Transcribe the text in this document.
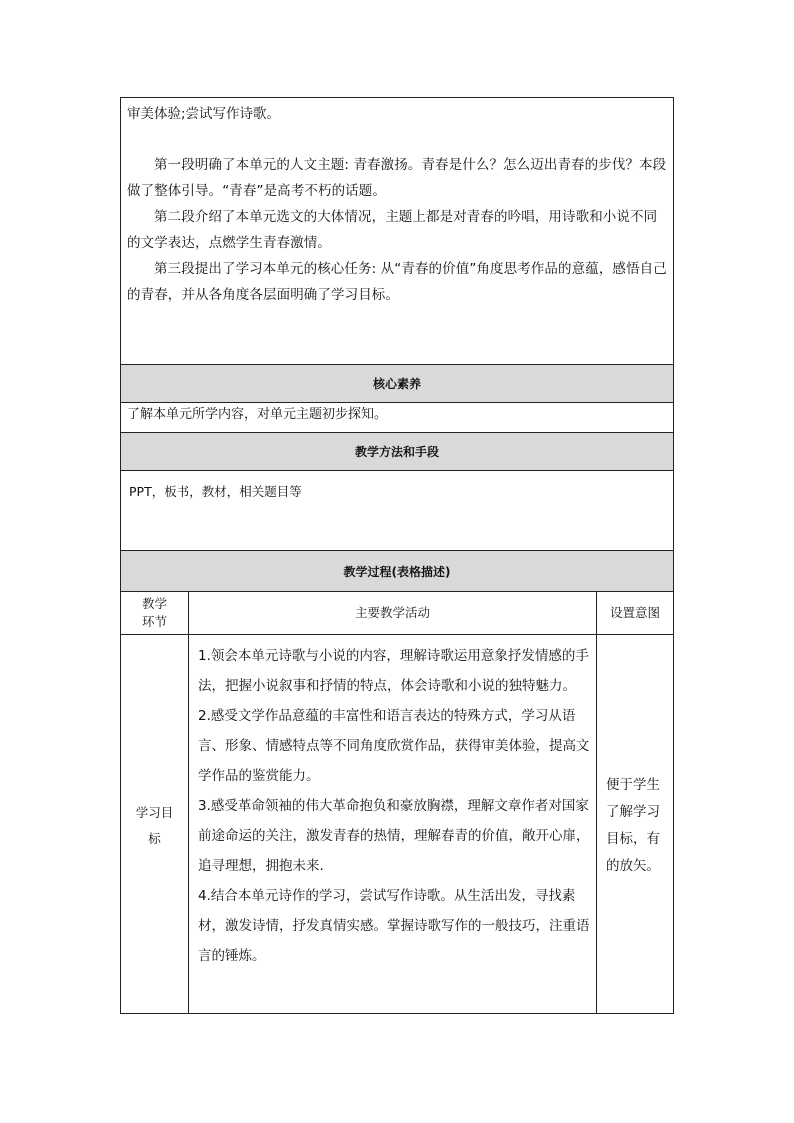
审美体验;尝试写作诗歌。

第一段明确了本单元的人文主题: 青春激扬。青春是什么？怎么迈出青春的步伐？本段做了整体引导。“青春”是高考不朽的话题。

第二段介绍了本单元选文的大体情况，主题上都是对青春的吟唱，用诗歌和小说不同的文学表达，点燃学生青春激情。

第三段提出了学习本单元的核心任务: 从“青春的价值”角度思考作品的意蕴，感悟自己的青春，并从各角度各层面明确了学习目标。

核心素养
了解本单元所学内容，对单元主题初步探知。
教学方法和手段
PPT，板书，教材，相关题目等
教学过程(表格描述)
教学环节
主要教学活动	设置意图
学习目标

1.领会本单元诗歌与小说的内容，理解诗歌运用意象抒发情感的手法，把握小说叙事和抒情的特点，体会诗歌和小说的独特魅力。

2.感受文学作品意蕴的丰富性和语言表达的特殊方式，学习从语言、形象、情感特点等不同角度欣赏作品，获得审美体验，提高文学作品的鉴赏能力。

3.感受革命领袖的伟大革命抱负和豪放胸襟，理解文章作者对国家前途命运的关注，激发青春的热情，理解春青的价值，敞开心扉，追寻理想，拥抱未来.

4.结合本单元诗作的学习，尝试写作诗歌。从生活出发，寻找素材，激发诗情，抒发真情实感。掌握诗歌写作的一般技巧，注重语言的锤炼。

便于学生了解学习目标，有的放矢。
